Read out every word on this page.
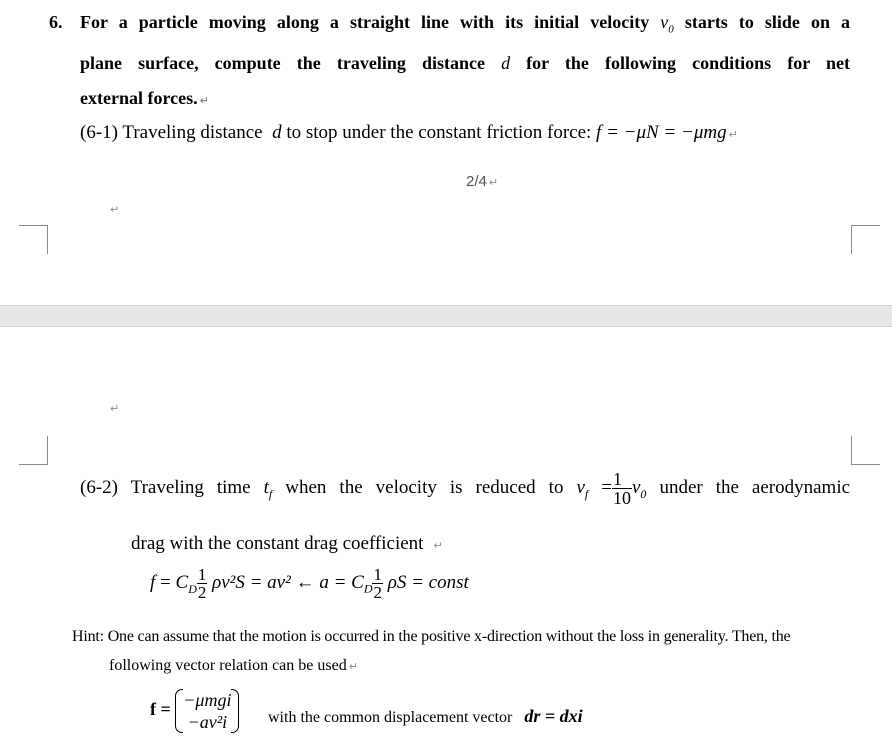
6. For a particle moving along a straight line with its initial velocity $v_0$ starts to slide on a
plane surface, compute the traveling distance d for the following conditions for net
external forces. ↵
(6-1) Traveling distance d to stop under the constant friction force: f = −μN = −μmg ↵
2/4 ↵
↵
↵
(6-2) Traveling time $t_f$ when the velocity is reduced to $v_f = \frac{1}{10} v_0$ under the aerodynamic
drag with the constant drag coefficient ↵
$f = C_D \frac{1}{2} \rho v^2S = av^2$ ← $a = C_D \frac{1}{2}$ ρS = const
Hint: One can assume that the motion is occurred in the positive x-direction without the loss in generality. Then, the
following vector relation can be used ↵
f = −μmgi
−av²i	with the common displacement vector dr = dxi
